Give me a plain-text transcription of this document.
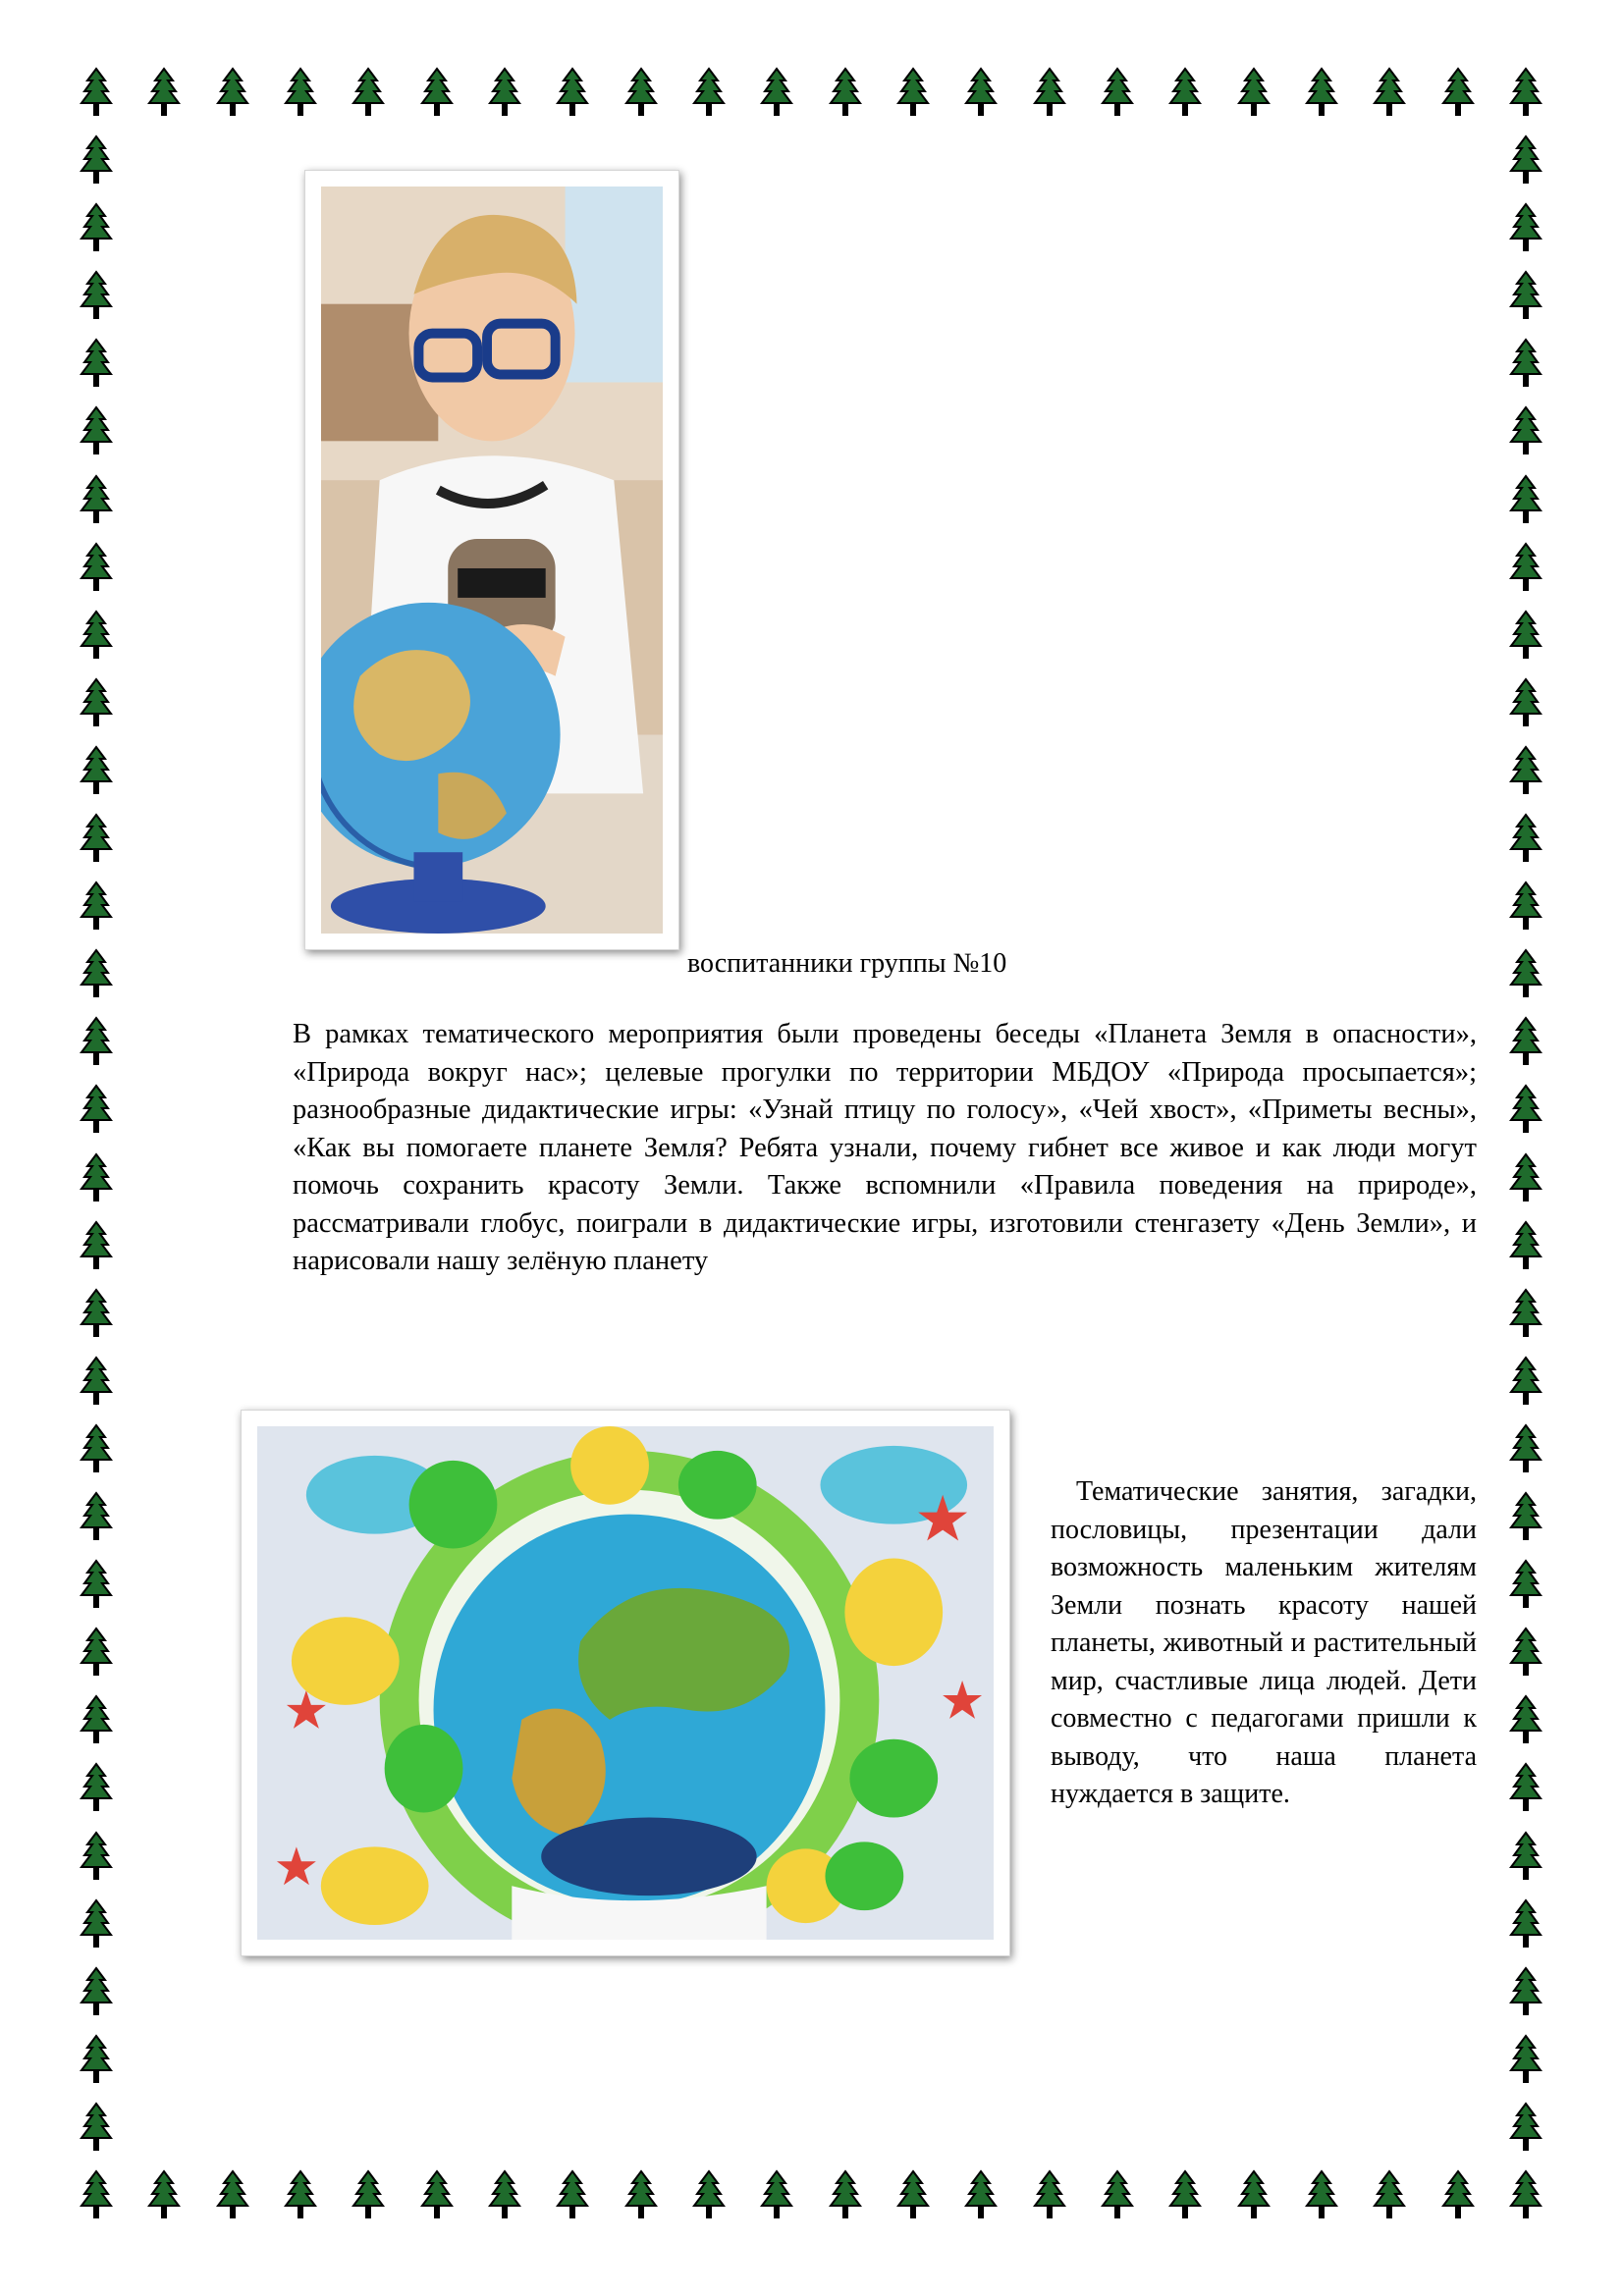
воспитанники группы №10

В рамках тематического мероприятия были проведены беседы «Планета Земля в опасности», «Природа вокруг нас»; целевые прогулки по территории МБДОУ «Природа просыпается»; разнообразные дидактические игры: «Узнай птицу по голосу», «Чей хвост», «Приметы весны», «Как вы помогаете планете Земля? Ребята узнали, почему гибнет все живое и как люди могут помочь сохранить красоту Земли. Также вспомнили «Правила поведения на природе», рассматривали глобус, поиграли в дидактические игры, изготовили стенгазету «День Земли», и нарисовали нашу зелёную планету

Тематические занятия, загадки, пословицы, презентации дали возможность маленьким жителям Земли познать красоту нашей планеты, животный и растительный мир, счастливые лица людей. Дети совместно с педагогами пришли к выводу, что наша планета нуждается в защите.
